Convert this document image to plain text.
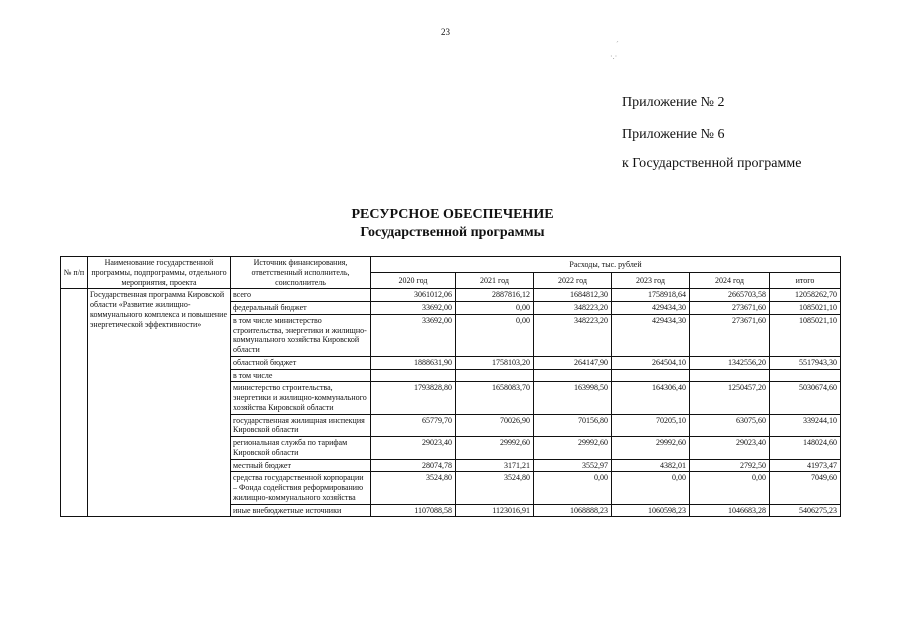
23
ˊ
·.·
Приложение № 2
Приложение № 6
к Государственной программе
РЕСУРСНОЕ ОБЕСПЕЧЕНИЕ
Государственной программы
№ п/п	Наименование государственной программы, подпрограммы, отдельного мероприятия, проекта	Источник финансирования, ответственный исполнитель, соисполнитель	Расходы, тыс. рублей					
			2020 год	2021 год	2022 год	2023 год	2024 год	итого
	Государственная программа Кировской области «Развитие жилищно-коммунального комплекса и повышение энергетической эффективности»	всего	3061012,06	2887816,12	1684812,30	1758918,64	2665703,58	12058262,70
		федеральный бюджет	33692,00	0,00	348223,20	429434,30	273671,60	1085021,10
		в том числе министерство строительства, энергетики и жилищно-коммунального хозяйства Кировской области	33692,00	0,00	348223,20	429434,30	273671,60	1085021,10
		областной бюджет	1888631,90	1758103,20	264147,90	264504,10	1342556,20	5517943,30
		в том числе						
		министерство строительства, энергетики и жилищно-коммунального хозяйства Кировской области	1793828,80	1658083,70	163998,50	164306,40	1250457,20	5030674,60
		государственная жилищная инспекция Кировской области	65779,70	70026,90	70156,80	70205,10	63075,60	339244,10
		региональная служба по тарифам Кировской области	29023,40	29992,60	29992,60	29992,60	29023,40	148024,60
		местный бюджет	28074,78	3171,21	3552,97	4382,01	2792,50	41973,47
		средства государственной корпорации – Фонда содействия реформированию жилищно-коммунального хозяйства	3524,80	3524,80	0,00	0,00	0,00	7049,60
		иные внебюджетные источники	1107088,58	1123016,91	1068888,23	1060598,23	1046683,28	5406275,23
